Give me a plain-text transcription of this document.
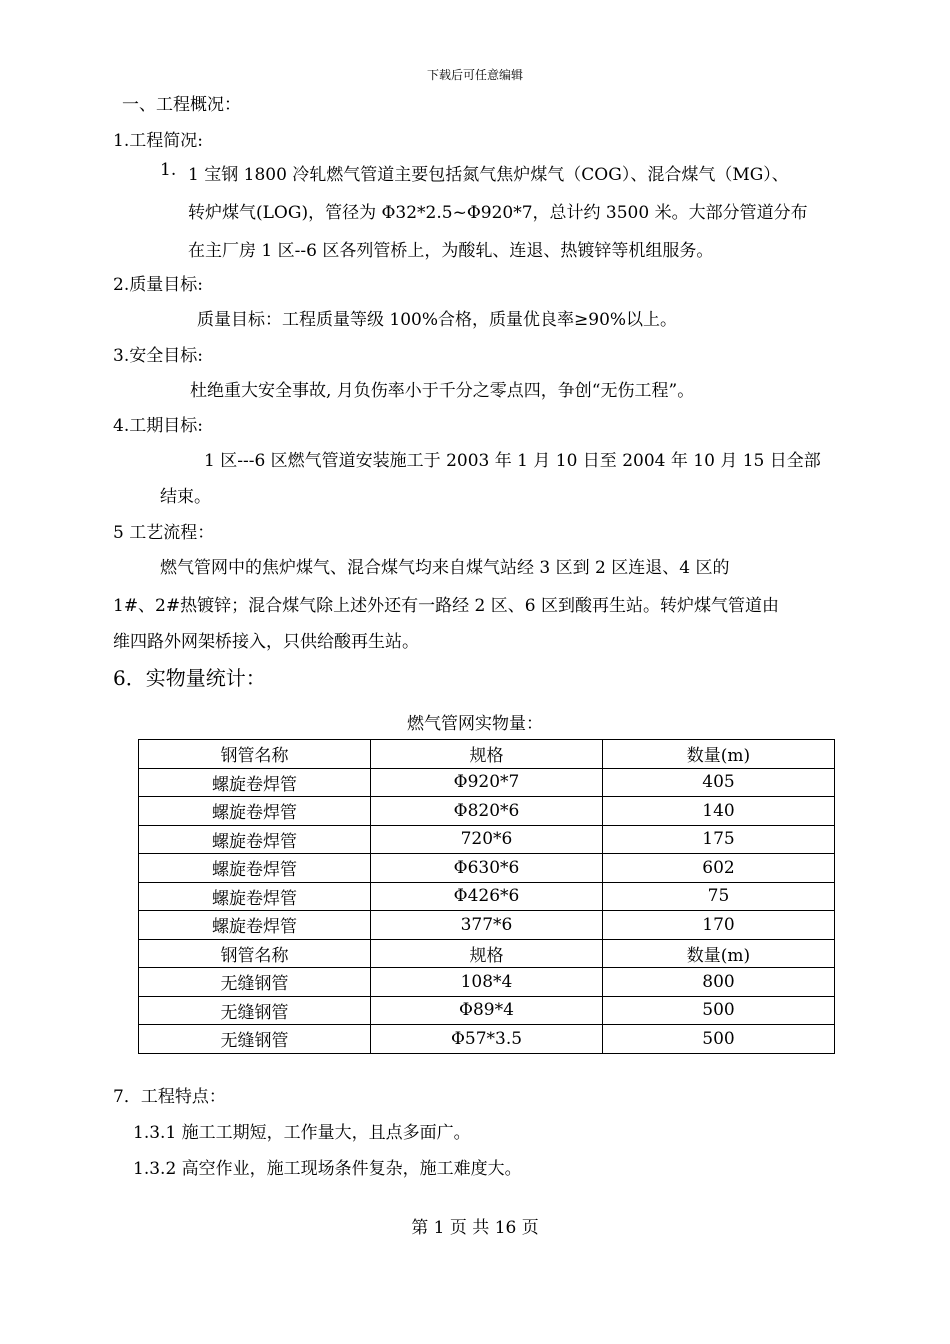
下载后可任意编辑
一、工程概况：
1.工程简况:
1. 1 宝钢 1800 冷轧燃气管道主要包括氮气焦炉煤气（COG）、混合煤气（MG）、
转炉煤气(LOG)，管径为 Φ32*2.5~Φ920*7，总计约 3500 米。大部分管道分布
在主厂房 1 区--6 区各列管桥上，为酸轧、连退、热镀锌等机组服务。
2.质量目标:
质量目标：工程质量等级 100%合格，质量优良率≥90%以上。
3.安全目标:
杜绝重大安全事故, 月负伤率小于千分之零点四，争创“无伤工程”。
4.工期目标:
1 区---6 区燃气管道安装施工于 2003 年 1 月 10 日至 2004 年 10 月 15 日全部
结束。
5 工艺流程：
燃气管网中的焦炉煤气、混合煤气均来自煤气站经 3 区到 2 区连退、4 区的
1#、2#热镀锌；混合煤气除上述外还有一路经 2 区、6 区到酸再生站。转炉煤气管道由
维四路外网架桥接入，只供给酸再生站。
6．实物量统计：
燃气管网实物量：
钢管名称	规格	数量(m)
螺旋卷焊管	Φ920*7	405
螺旋卷焊管	Φ820*6	140
螺旋卷焊管	720*6	175
螺旋卷焊管	Φ630*6	602
螺旋卷焊管	Φ426*6	75
螺旋卷焊管	377*6	170
钢管名称	规格	数量(m)
无缝钢管	108*4	800
无缝钢管	Φ89*4	500
无缝钢管	Φ57*3.5	500
7．工程特点：
1.3.1 施工工期短，工作量大，且点多面广。
1.3.2 高空作业，施工现场条件复杂，施工难度大。
第 1 页 共 16 页
